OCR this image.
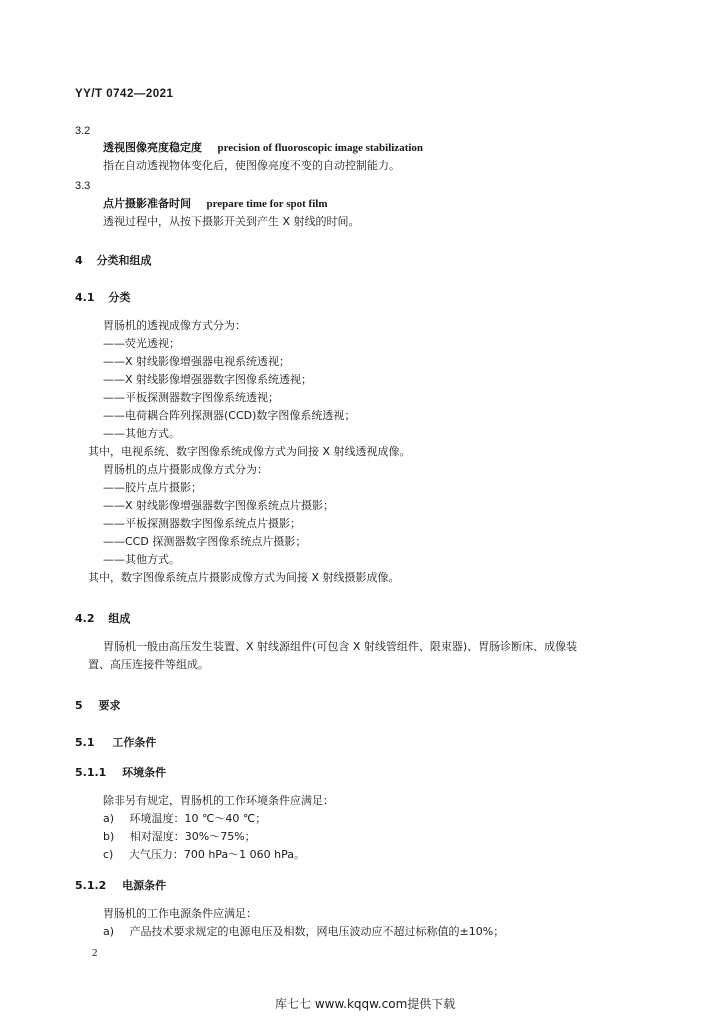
YY/T 0742—2021
3.2
透视图像亮度稳定度 precision of fluoroscopic image stabilization
指在自动透视物体变化后，使图像亮度不变的自动控制能力。
3.3
点片摄影准备时间 prepare time for spot film
透视过程中，从按下摄影开关到产生 X 射线的时间。
4 分类和组成
4.1 分类
胃肠机的透视成像方式分为：
——荧光透视；
——X 射线影像增强器电视系统透视；
——X 射线影像增强器数字图像系统透视；
——平板探测器数字图像系统透视；
——电荷耦合阵列探测器(CCD)数字图像系统透视；
——其他方式。
其中，电视系统、数字图像系统成像方式为间接 X 射线透视成像。
胃肠机的点片摄影成像方式分为：
——胶片点片摄影；
——X 射线影像增强器数字图像系统点片摄影；
——平板探测器数字图像系统点片摄影；
——CCD 探测器数字图像系统点片摄影；
——其他方式。
其中，数字图像系统点片摄影成像方式为间接 X 射线摄影成像。
4.2 组成
胃肠机一般由高压发生装置、X 射线源组件(可包含 X 射线管组件、限束器)、胃肠诊断床、成像装
置、高压连接件等组成。
5 要求
5.1 工作条件
5.1.1 环境条件
除非另有规定，胃肠机的工作环境条件应满足：
a) 环境温度：10 ℃～40 ℃；
b) 相对湿度：30%～75%；
c) 大气压力：700 hPa～1 060 hPa。
5.1.2 电源条件
胃肠机的工作电源条件应满足：
a) 产品技术要求规定的电源电压及相数，网电压波动应不超过标称值的±10%；
2
库七七 www.kqqw.com提供下载
